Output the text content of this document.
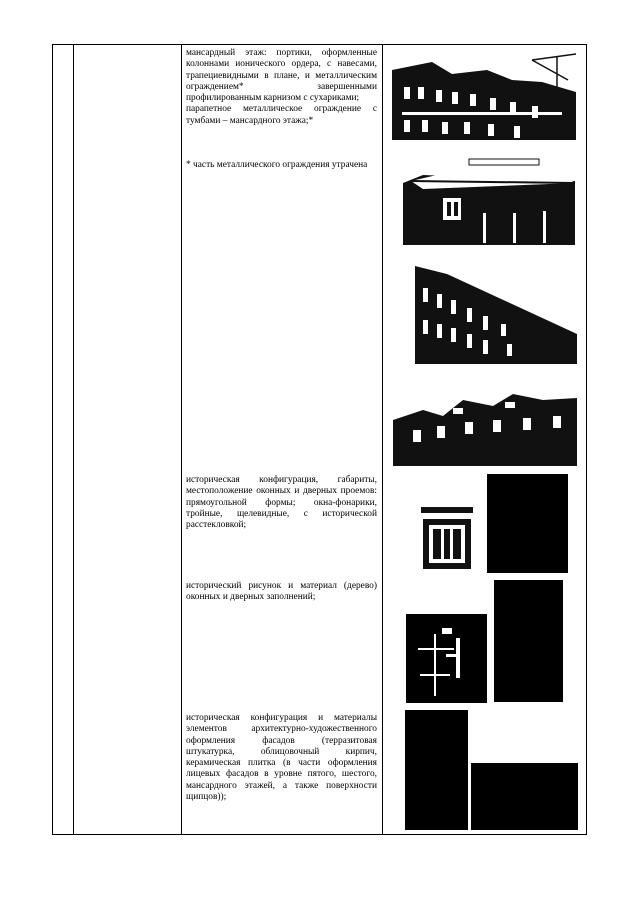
мансардный этаж: портики, оформленные колоннами ионического ордера, с навесами, трапециевидными в плане, и металлическим ограждением* завершенными профилированным карнизом с сухариками;

парапетное металлическое ограждение с тумбами – мансардного этажа;*

* часть металлического ограждения утрачена

историческая конфигурация, габариты, местоположение оконных и дверных проемов: прямоугольной формы; окна-фонарики, тройные, щелевидные, с исторической расстекловкой;

исторический рисунок и материал (дерево) оконных и дверных заполнений;

историческая конфигурация и материалы элементов архитектурно-художественного оформления фасадов (терразитовая штукатурка, облицовочный кирпич, керамическая плитка (в части оформления лицевых фасадов в уровне пятого, шестого, мансардного этажей, а также поверхности щипцов));
